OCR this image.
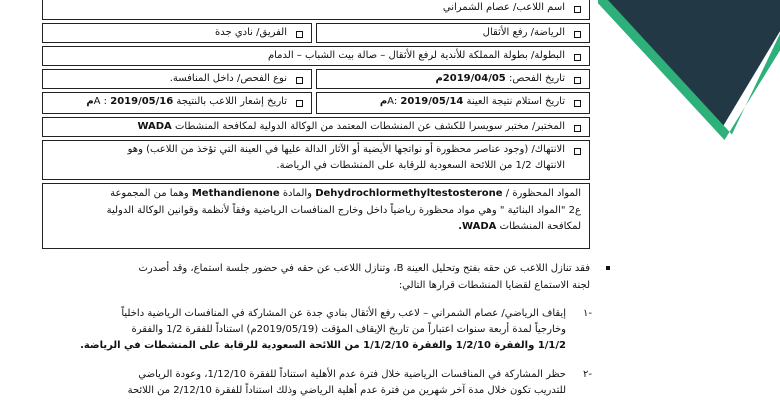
اسم اللاعب/ عصام الشمراني
الرياضة/ رفع الأثقال
الفريق/ نادي جدة
البطولة/ بطولة المملكة للأندية لرفع الأثقال – صالة بيت الشباب – الدمام
تاريخ الفحص: 2019/04/05م
نوع الفحص/ داخل المنافسة.
تاريخ استلام نتيجة العينة A: 2019/05/14م
تاريخ إشعار اللاعب بالنتيجة A : 2019/05/16م
المختبر/ مختبر سويسرا للكشف عن المنشطات المعتمد من الوكالة الدولية لمكافحة المنشطات WADA
الانتهاك/ (وجود عناصر محظورة أو نواتجها الأيضية أو الآثار الدالة عليها في العينة التي تؤخذ من اللاعب) وهو
الانتهاك 1/2 من اللائحة السعودية للرقابة على المنشطات في الرياضة.
المواد المحظورة / Dehydrochlormethyltestosterone والمادة Methandienone وهما من المجموعة
ع2 "المواد البنائية " وهي مواد محظورة رياضياً داخل وخارج المنافسات الرياضية وفقاً لأنظمة وقوانين الوكالة الدولية
لمكافحة المنشطات WADA.
فقد تنازل اللاعب عن حقه بفتح وتحليل العينة B، وتنازل اللاعب عن حقه في حضور جلسة استماع، وقد أصدرت
لجنة الاستماع لقضايا المنشطات قرارها التالي:
-١
إيقاف الرياضي/ عصام الشمراني – لاعب رفع الأثقال بنادي جدة عن المشاركة في المنافسات الرياضية داخلياً
وخارجياً لمدة أربعة سنوات اعتباراً من تاريخ الإيقاف المؤقت (2019/05/19م) استناداً للفقرة 1/2 والفقرة
1/1/2 والفقرة 1/2/10 والفقرة 1/1/2/10 من اللائحة السعودية للرقابة على المنشطات في الرياضة.
-٢
حظر المشاركة في المنافسات الرياضية خلال فترة عدم الأهلية استناداً للفقرة 1/12/10، وعودة الرياضي
للتدريب تكون خلال مدة آخر شهرين من فترة عدم أهلية الرياضي وذلك استناداً للفقرة 2/12/10 من اللائحة
